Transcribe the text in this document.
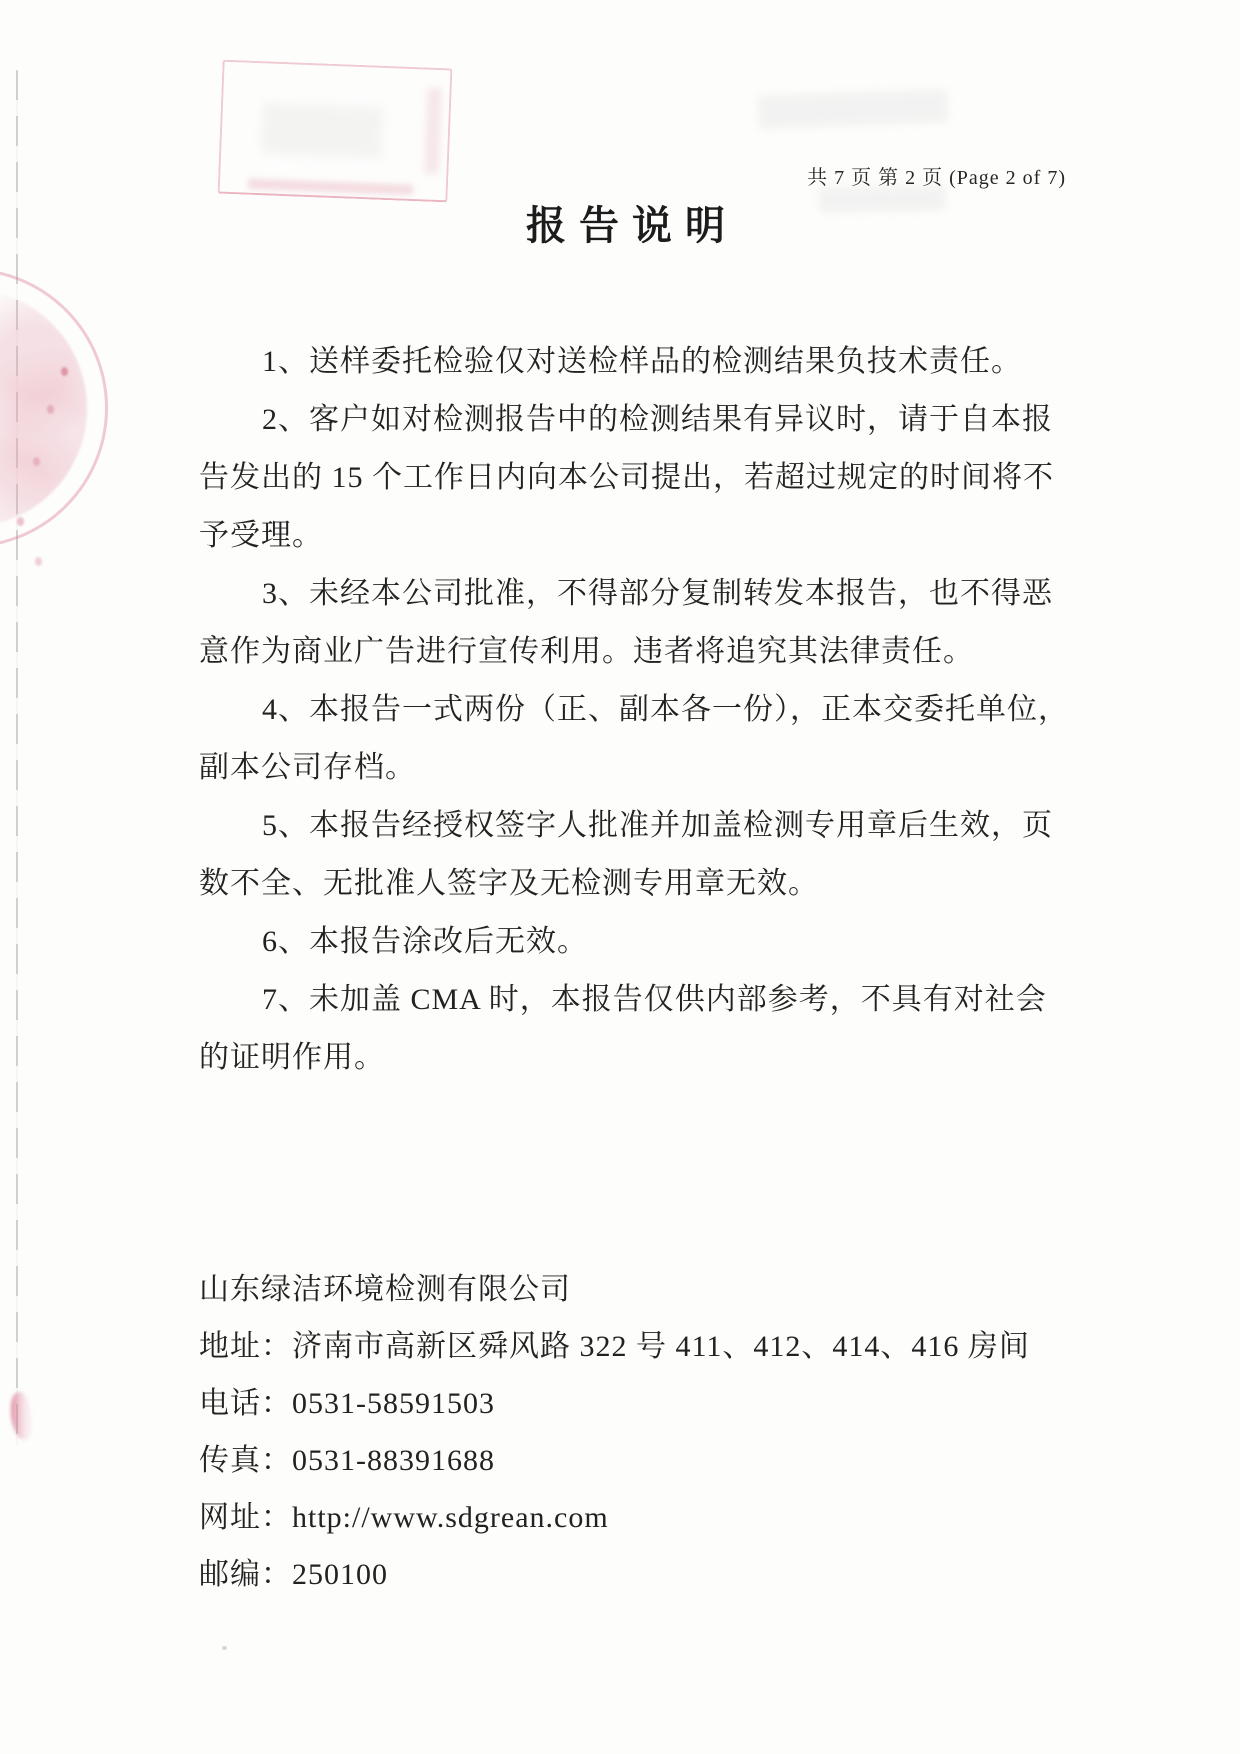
共 7 页 第 2 页 (Page 2 of 7)
报告说明
1、送样委托检验仅对送检样品的检测结果负技术责任。
2、客户如对检测报告中的检测结果有异议时，请于自本报
告发出的 15 个工作日内向本公司提出，若超过规定的时间将不
予受理。
3、未经本公司批准，不得部分复制转发本报告，也不得恶
意作为商业广告进行宣传利用。违者将追究其法律责任。
4、本报告一式两份（正、副本各一份），正本交委托单位，
副本公司存档。
5、本报告经授权签字人批准并加盖检测专用章后生效，页
数不全、无批准人签字及无检测专用章无效。
6、本报告涂改后无效。
7、未加盖 CMA 时，本报告仅供内部参考，不具有对社会
的证明作用。
山东绿洁环境检测有限公司
地址：济南市高新区舜风路 322 号 411、412、414、416 房间
电话：0531-58591503
传真：0531-88391688
网址：http://www.sdgrean.com
邮编：250100
